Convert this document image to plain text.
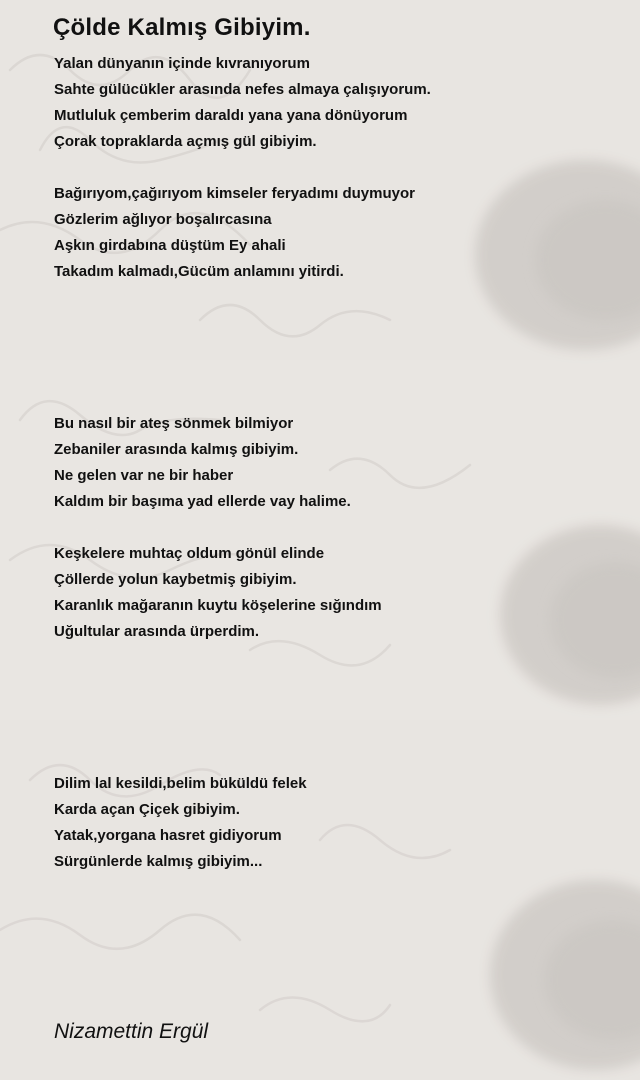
Çölde Kalmış Gibiyim.

Yalan dünyanın içinde kıvranıyorum
Sahte gülücükler arasında nefes almaya çalışıyorum.
Mutluluk çemberim daraldı yana yana dönüyorum
Çorak topraklarda açmış gül gibiyim.

Bağırıyom,çağırıyom kimseler feryadımı duymuyor
Gözlerim ağlıyor boşalırcasına
Aşkın girdabına düştüm Ey ahali
Takadım kalmadı,Gücüm anlamını yitirdi.

Bu nasıl bir ateş sönmek bilmiyor
Zebaniler arasında kalmış gibiyim.
Ne gelen var ne bir haber
Kaldım bir başıma yad ellerde vay halime.

Keşkelere muhtaç oldum gönül elinde
Çöllerde yolun kaybetmiş gibiyim.
Karanlık mağaranın kuytu köşelerine sığındım
Uğultular arasında ürperdim.

Dilim lal kesildi,belim büküldü felek
Karda açan Çiçek gibiyim.
Yatak,yorgana hasret gidiyorum
Sürgünlerde kalmış gibiyim...

Nizamettin Ergül
